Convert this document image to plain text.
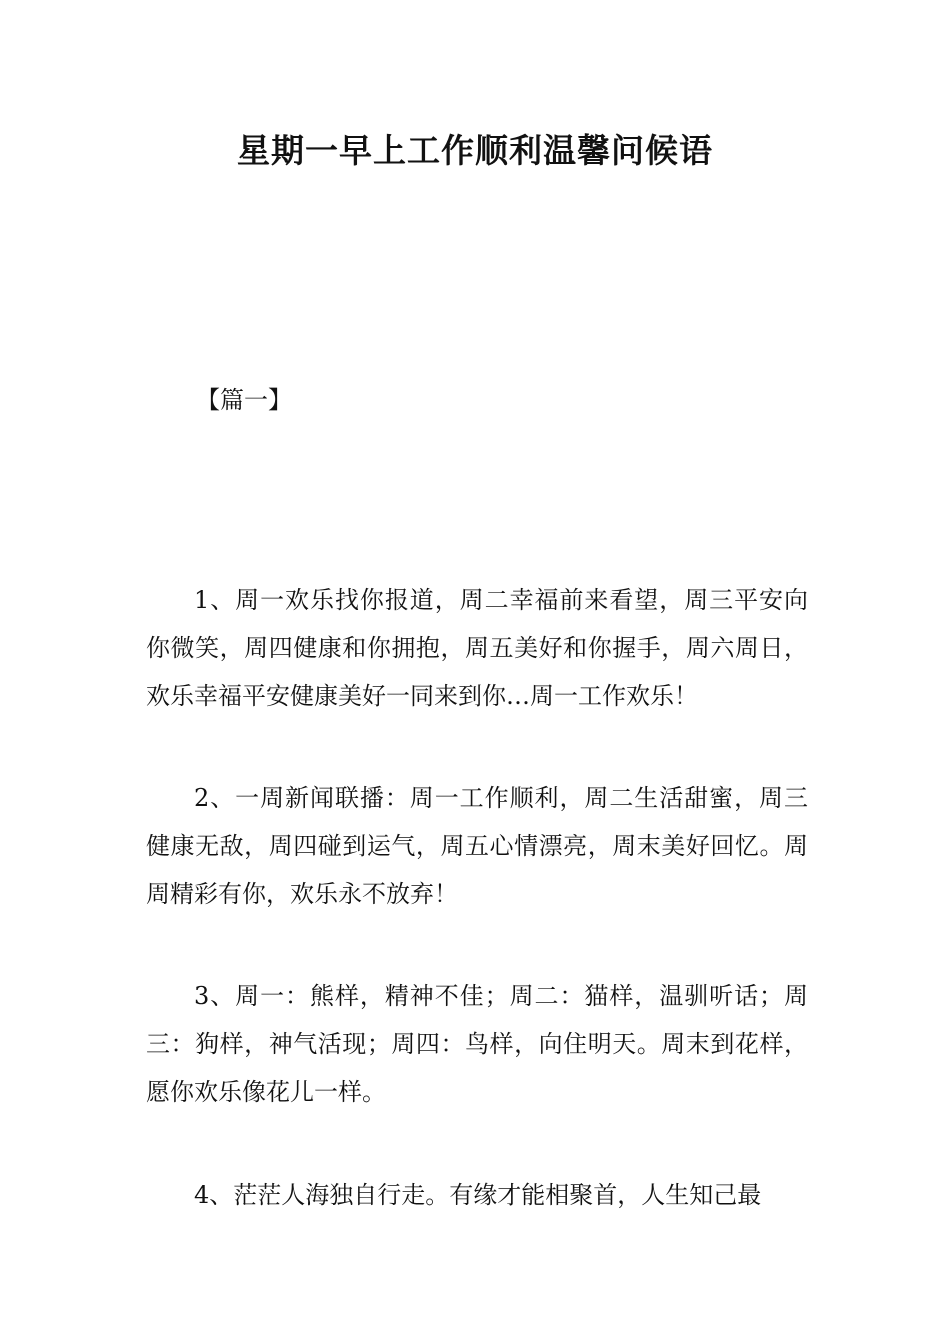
星期一早上工作顺利温馨问候语

【篇一】

1、周一欢乐找你报道，周二幸福前来看望，周三平安向你微笑，周四健康和你拥抱，周五美好和你握手，周六周日，欢乐幸福平安健康美好一同来到你…周一工作欢乐！

2、一周新闻联播：周一工作顺利，周二生活甜蜜，周三健康无敌，周四碰到运气，周五心情漂亮，周末美好回忆。周周精彩有你，欢乐永不放弃！

3、周一：熊样，精神不佳；周二：猫样，温驯听话；周三：狗样，神气活现；周四：鸟样，向住明天。周末到花样，愿你欢乐像花儿一样。

4、茫茫人海独自行走。有缘才能相聚首，人生知己最
